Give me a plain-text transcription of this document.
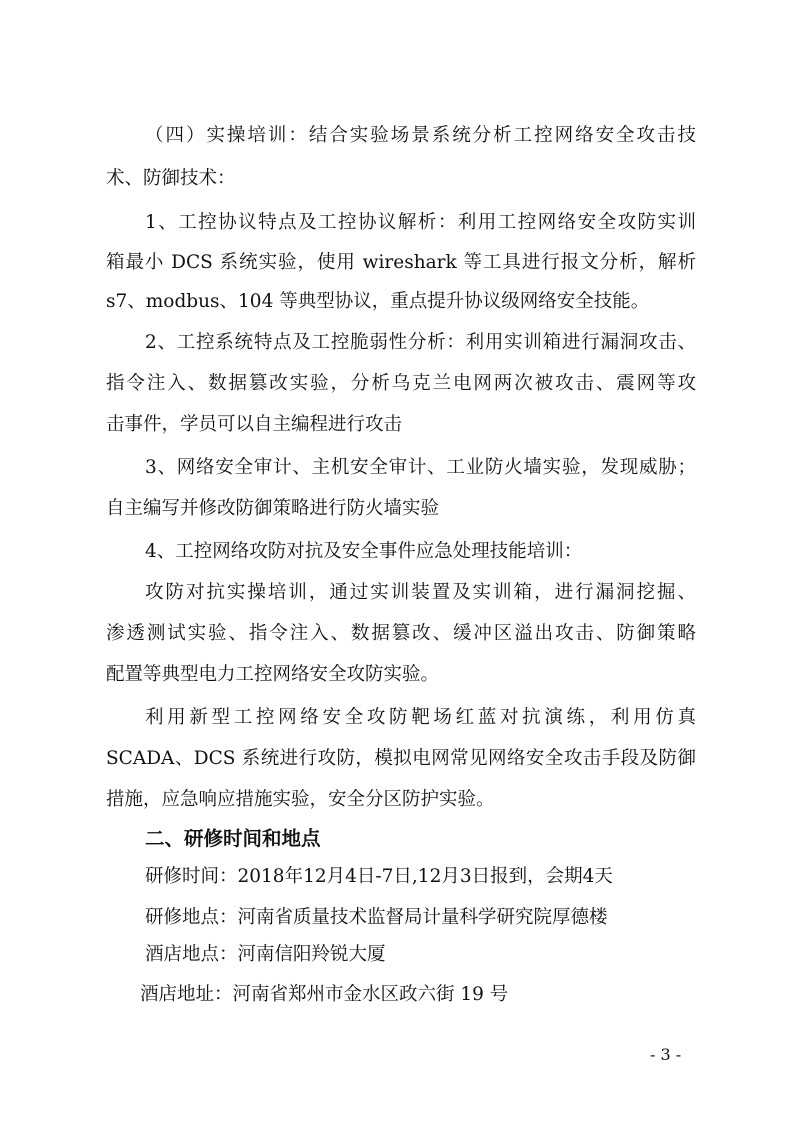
（四）实操培训：结合实验场景系统分析工控网络安全攻击技
术、防御技术：
1、工控协议特点及工控协议解析：利用工控网络安全攻防实训
箱最小 DCS 系统实验，使用 wireshark 等工具进行报文分析，解析
s7、modbus、104 等典型协议，重点提升协议级网络安全技能。
2、工控系统特点及工控脆弱性分析：利用实训箱进行漏洞攻击、
指令注入、数据篡改实验，分析乌克兰电网两次被攻击、震网等攻
击事件，学员可以自主编程进行攻击
3、网络安全审计、主机安全审计、工业防火墙实验，发现威胁；
自主编写并修改防御策略进行防火墙实验
4、工控网络攻防对抗及安全事件应急处理技能培训：
攻防对抗实操培训，通过实训装置及实训箱，进行漏洞挖掘、
渗透测试实验、指令注入、数据篡改、缓冲区溢出攻击、防御策略
配置等典型电力工控网络安全攻防实验。
利用新型工控网络安全攻防靶场红蓝对抗演练，利用仿真
SCADA、DCS 系统进行攻防，模拟电网常见网络安全攻击手段及防御
措施，应急响应措施实验，安全分区防护实验。
二、研修时间和地点
研修时间：2018年12月4日-7日,12月3日报到，会期4天
研修地点：河南省质量技术监督局计量科学研究院厚德楼
酒店地点：河南信阳羚锐大厦
酒店地址：河南省郑州市金水区政六街 19 号
- 3 -
